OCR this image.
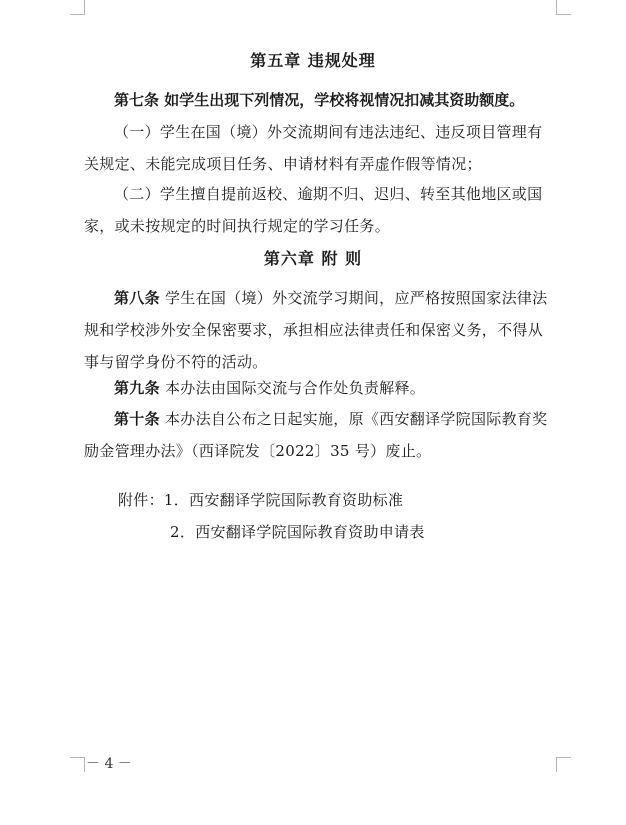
第五章 违规处理
第七条 如学生出现下列情况，学校将视情况扣减其资助额度。
（一）学生在国（境）外交流期间有违法违纪、违反项目管理有关规定、未能完成项目任务、申请材料有弄虚作假等情况；
（二）学生擅自提前返校、逾期不归、迟归、转至其他地区或国家，或未按规定的时间执行规定的学习任务。
第六章 附 则
第八条 学生在国（境）外交流学习期间，应严格按照国家法律法规和学校涉外安全保密要求，承担相应法律责任和保密义务，不得从事与留学身份不符的活动。
第九条 本办法由国际交流与合作处负责解释。
第十条 本办法自公布之日起实施，原《西安翻译学院国际教育奖励金管理办法》（西译院发〔2022〕35 号）废止。
附件：1．西安翻译学院国际教育资助标准
2．西安翻译学院国际教育资助申请表
－ 4 －
